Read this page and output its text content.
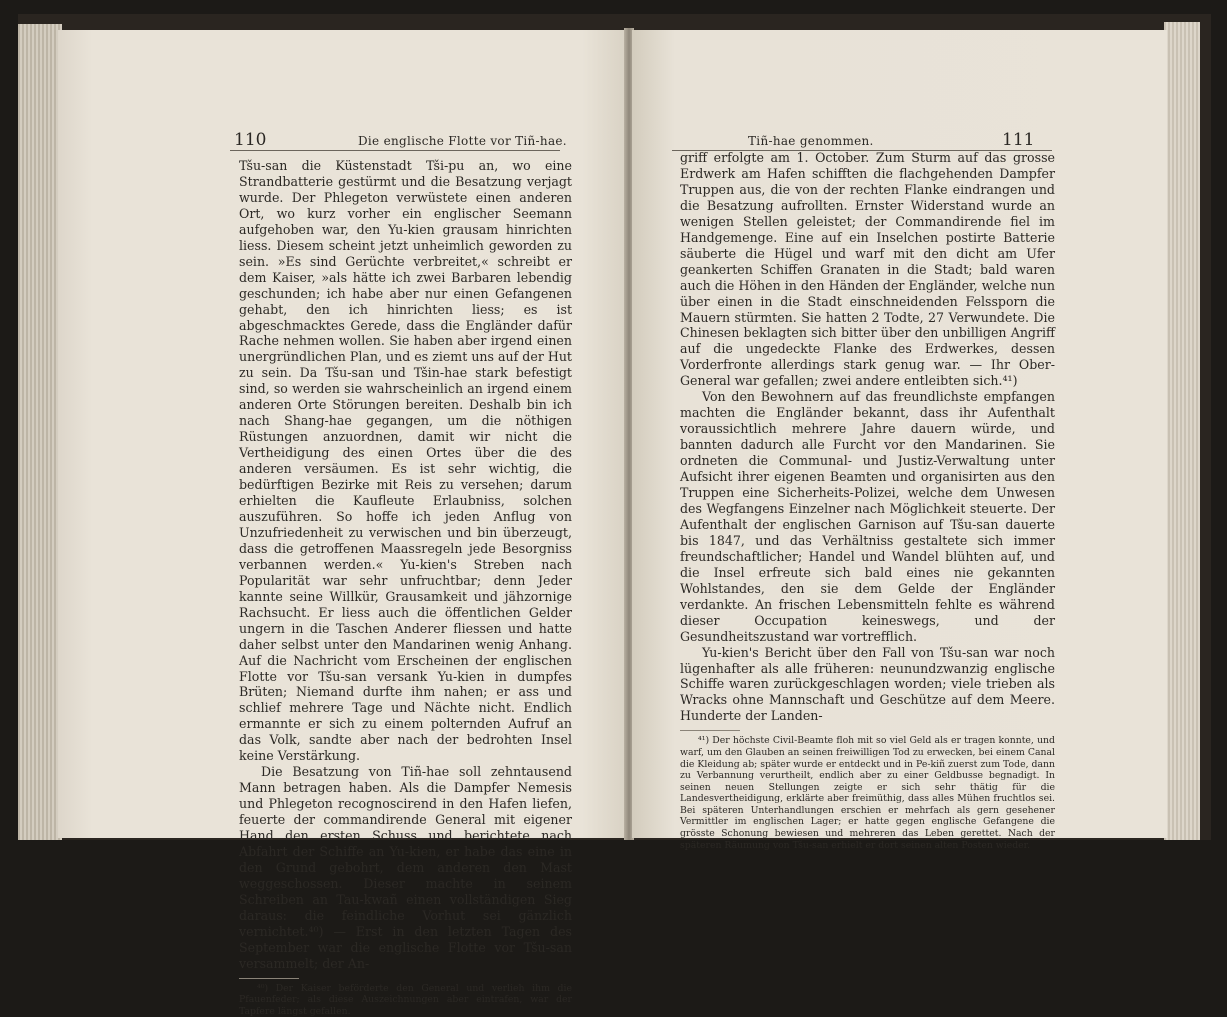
110	Die englische Flotte vor Tiñ-hae.

Tšu-san die Küstenstadt Tši-pu an, wo eine Strandbatterie gestürmt und die Besatzung verjagt wurde. Der Phlegeton verwüstete einen anderen Ort, wo kurz vorher ein englischer Seemann aufgehoben war, den Yu-kien grausam hinrichten liess. Diesem scheint jetzt unheimlich geworden zu sein. »Es sind Gerüchte verbreitet,« schreibt er dem Kaiser, »als hätte ich zwei Barbaren lebendig geschunden; ich habe aber nur einen Gefangenen gehabt, den ich hinrichten liess; es ist abgeschmacktes Gerede, dass die Engländer dafür Rache nehmen wollen. Sie haben aber irgend einen unergründlichen Plan, und es ziemt uns auf der Hut zu sein. Da Tšu-san und Tšin-hae stark befestigt sind, so werden sie wahrscheinlich an irgend einem anderen Orte Störungen bereiten. Deshalb bin ich nach Shang-hae gegangen, um die nöthigen Rüstungen anzuordnen, damit wir nicht die Vertheidigung des einen Ortes über die des anderen versäumen. Es ist sehr wichtig, die bedürftigen Bezirke mit Reis zu versehen; darum erhielten die Kaufleute Erlaubniss, solchen auszuführen. So hoffe ich jeden Anflug von Unzufriedenheit zu verwischen und bin überzeugt, dass die getroffenen Maassregeln jede Besorgniss verbannen werden.« Yu-kien's Streben nach Popularität war sehr unfruchtbar; denn Jeder kannte seine Willkür, Grausamkeit und jähzornige Rachsucht. Er liess auch die öffentlichen Gelder ungern in die Taschen Anderer fliessen und hatte daher selbst unter den Mandarinen wenig Anhang. Auf die Nachricht vom Erscheinen der englischen Flotte vor Tšu-san versank Yu-kien in dumpfes Brüten; Niemand durfte ihm nahen; er ass und schlief mehrere Tage und Nächte nicht. Endlich ermannte er sich zu einem polternden Aufruf an das Volk, sandte aber nach der bedrohten Insel keine Verstärkung.

Die Besatzung von Tiñ-hae soll zehntausend Mann betragen haben. Als die Dampfer Nemesis und Phlegeton recognoscirend in den Hafen liefen, feuerte der commandirende General mit eigener Hand den ersten Schuss und berichtete nach Abfahrt der Schiffe an Yu-kien, er habe das eine in den Grund gebohrt, dem anderen den Mast weggeschossen. Dieser machte in seinem Schreiben an Tau-kwañ einen vollständigen Sieg daraus: die feindliche Vorhut sei gänzlich vernichtet.⁴⁰) — Erst in den letzten Tagen des September war die englische Flotte vor Tšu-san versammelt; der An-

⁴⁰) Der Kaiser beförderte den General und verlieh ihm die Pfauenfeder; als diese Auszeichnungen aber eintrafen, war der Tapfere längst gefallen.
Tiñ-hae genommen.	111

griff erfolgte am 1. October. Zum Sturm auf das grosse Erdwerk am Hafen schifften die flachgehenden Dampfer Truppen aus, die von der rechten Flanke eindrangen und die Besatzung aufrollten. Ernster Widerstand wurde an wenigen Stellen geleistet; der Commandirende fiel im Handgemenge. Eine auf ein Inselchen postirte Batterie säuberte die Hügel und warf mit den dicht am Ufer geankerten Schiffen Granaten in die Stadt; bald waren auch die Höhen in den Händen der Engländer, welche nun über einen in die Stadt einschneidenden Felssporn die Mauern stürmten. Sie hatten 2 Todte, 27 Verwundete. Die Chinesen beklagten sich bitter über den unbilligen Angriff auf die ungedeckte Flanke des Erdwerkes, dessen Vorderfronte allerdings stark genug war. — Ihr Ober-General war gefallen; zwei andere entleibten sich.⁴¹)

Von den Bewohnern auf das freundlichste empfangen machten die Engländer bekannt, dass ihr Aufenthalt voraussichtlich mehrere Jahre dauern würde, und bannten dadurch alle Furcht vor den Mandarinen. Sie ordneten die Communal- und Justiz-Verwaltung unter Aufsicht ihrer eigenen Beamten und organisirten aus den Truppen eine Sicherheits-Polizei, welche dem Unwesen des Wegfangens Einzelner nach Möglichkeit steuerte. Der Aufenthalt der englischen Garnison auf Tšu-san dauerte bis 1847, und das Verhältniss gestaltete sich immer freundschaftlicher; Handel und Wandel blühten auf, und die Insel erfreute sich bald eines nie gekannten Wohlstandes, den sie dem Gelde der Engländer verdankte. An frischen Lebensmitteln fehlte es während dieser Occupation keineswegs, und der Gesundheitszustand war vortrefflich.

Yu-kien's Bericht über den Fall von Tšu-san war noch lügenhafter als alle früheren: neunundzwanzig englische Schiffe waren zurückgeschlagen worden; viele trieben als Wracks ohne Mannschaft und Geschütze auf dem Meere. Hunderte der Landen-

⁴¹) Der höchste Civil-Beamte floh mit so viel Geld als er tragen konnte, und warf, um den Glauben an seinen freiwilligen Tod zu erwecken, bei einem Canal die Kleidung ab; später wurde er entdeckt und in Pe-kiñ zuerst zum Tode, dann zu Verbannung verurtheilt, endlich aber zu einer Geldbusse begnadigt. In seinen neuen Stellungen zeigte er sich sehr thätig für die Landesvertheidigung, erklärte aber freimüthig, dass alles Mühen fruchtlos sei. Bei späteren Unterhandlungen erschien er mehrfach als gern gesehener Vermittler im englischen Lager; er hatte gegen englische Gefangene die grösste Schonung bewiesen und mehreren das Leben gerettet. Nach der späteren Räumung von Tšu-san erhielt er dort seinen alten Posten wieder.
